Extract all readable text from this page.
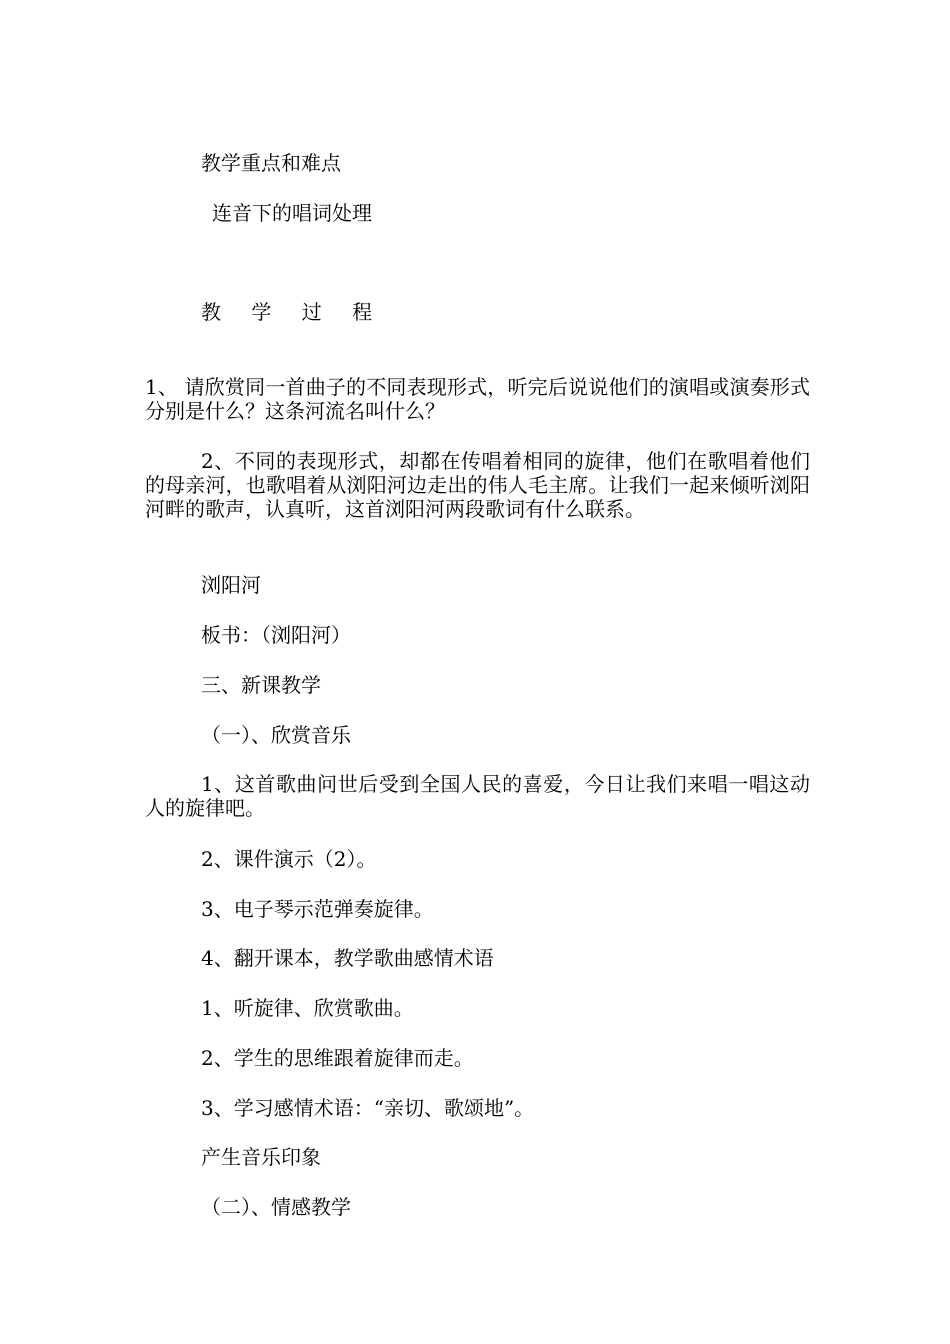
教学重点和难点
连音下的唱词处理
教 学 过 程
1、 请欣赏同一首曲子的不同表现形式，听完后说说他们的演唱或演奏形式分别是什么？这条河流名叫什么？
2、不同的表现形式，却都在传唱着相同的旋律，他们在歌唱着他们的母亲河，也歌唱着从浏阳河边走出的伟人毛主席。让我们一起来倾听浏阳河畔的歌声，认真听，这首浏阳河两段歌词有什么联系。
浏阳河
板书：（浏阳河）
三、新课教学
（一）、欣赏音乐
1、这首歌曲问世后受到全国人民的喜爱，今日让我们来唱一唱这动人的旋律吧。
2、课件演示（2）。
3、电子琴示范弹奏旋律。
4、翻开课本，教学歌曲感情术语
1、听旋律、欣赏歌曲。
2、学生的思维跟着旋律而走。
3、学习感情术语：“亲切、歌颂地”。
产生音乐印象
（二）、情感教学
